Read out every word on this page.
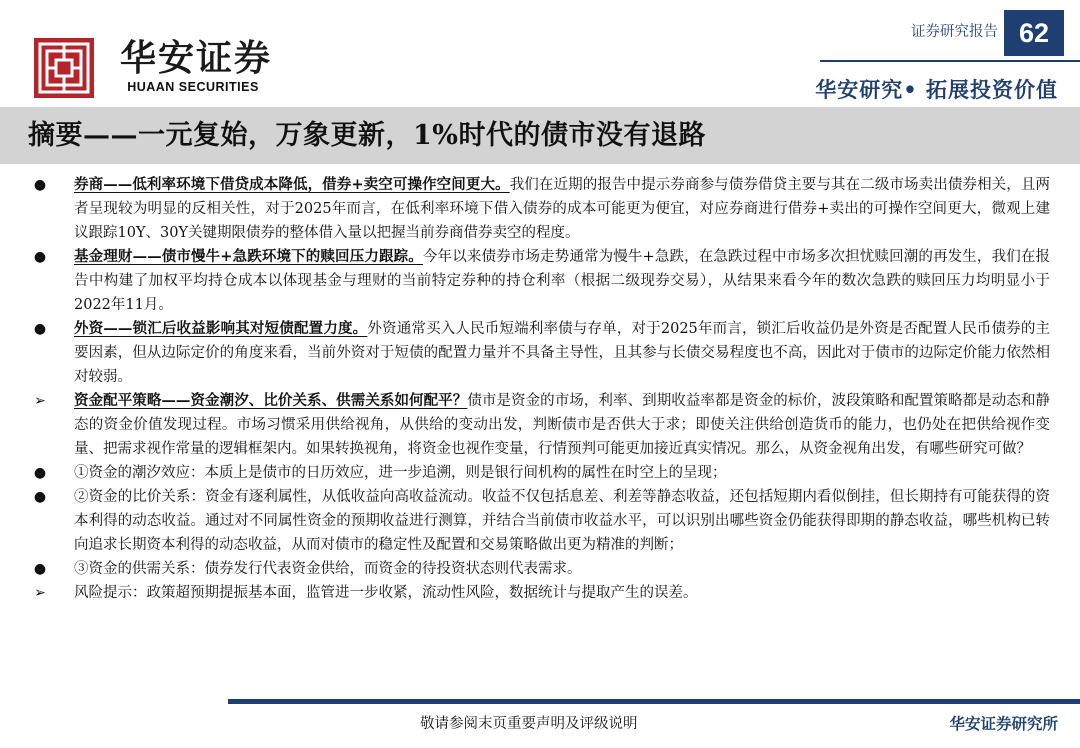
华安证券
HUAAN SECURITIES
证券研究报告 62
华安研究• 拓展投资价值
摘要——一元复始，万象更新，1%时代的债市没有退路
● 券商——低利率环境下借贷成本降低，借券+卖空可操作空间更大。我们在近期的报告中提示券商参与债券借贷主要与其在二级市场卖出债券相关，且两者呈现较为明显的反相关性，对于2025年而言，在低利率环境下借入债券的成本可能更为便宜，对应券商进行借券+卖出的可操作空间更大，微观上建议跟踪10Y、30Y关键期限债券的整体借入量以把握当前券商借券卖空的程度。
● 基金理财——债市慢牛+急跌环境下的赎回压力跟踪。今年以来债券市场走势通常为慢牛+急跌，在急跌过程中市场多次担忧赎回潮的再发生，我们在报告中构建了加权平均持仓成本以体现基金与理财的当前特定券种的持仓利率（根据二级现券交易），从结果来看今年的数次急跌的赎回压力均明显小于2022年11月。
● 外资——锁汇后收益影响其对短债配置力度。外资通常买入人民币短端利率债与存单，对于2025年而言，锁汇后收益仍是外资是否配置人民币债券的主要因素，但从边际定价的角度来看，当前外资对于短债的配置力量并不具备主导性，且其参与长债交易程度也不高，因此对于债市的边际定价能力依然相对较弱。
➢ 资金配平策略——资金潮汐、比价关系、供需关系如何配平？债市是资金的市场，利率、到期收益率都是资金的标价，波段策略和配置策略都是动态和静态的资金价值发现过程。市场习惯采用供给视角，从供给的变动出发，判断债市是否供大于求；即使关注供给创造货币的能力，也仍处在把供给视作变量、把需求视作常量的逻辑框架内。如果转换视角，将资金也视作变量，行情预判可能更加接近真实情况。那么，从资金视角出发，有哪些研究可做？
● ①资金的潮汐效应：本质上是债市的日历效应，进一步追溯，则是银行间机构的属性在时空上的呈现；
● ②资金的比价关系：资金有逐利属性，从低收益向高收益流动。收益不仅包括息差、利差等静态收益，还包括短期内看似倒挂，但长期持有可能获得的资本利得的动态收益。通过对不同属性资金的预期收益进行测算，并结合当前债市收益水平，可以识别出哪些资金仍能获得即期的静态收益，哪些机构已转向追求长期资本利得的动态收益，从而对债市的稳定性及配置和交易策略做出更为精准的判断；
● ③资金的供需关系：债券发行代表资金供给，而资金的待投资状态则代表需求。
➢ 风险提示：政策超预期提振基本面，监管进一步收紧，流动性风险，数据统计与提取产生的误差。
敬请参阅末页重要声明及评级说明	华安证券研究所
